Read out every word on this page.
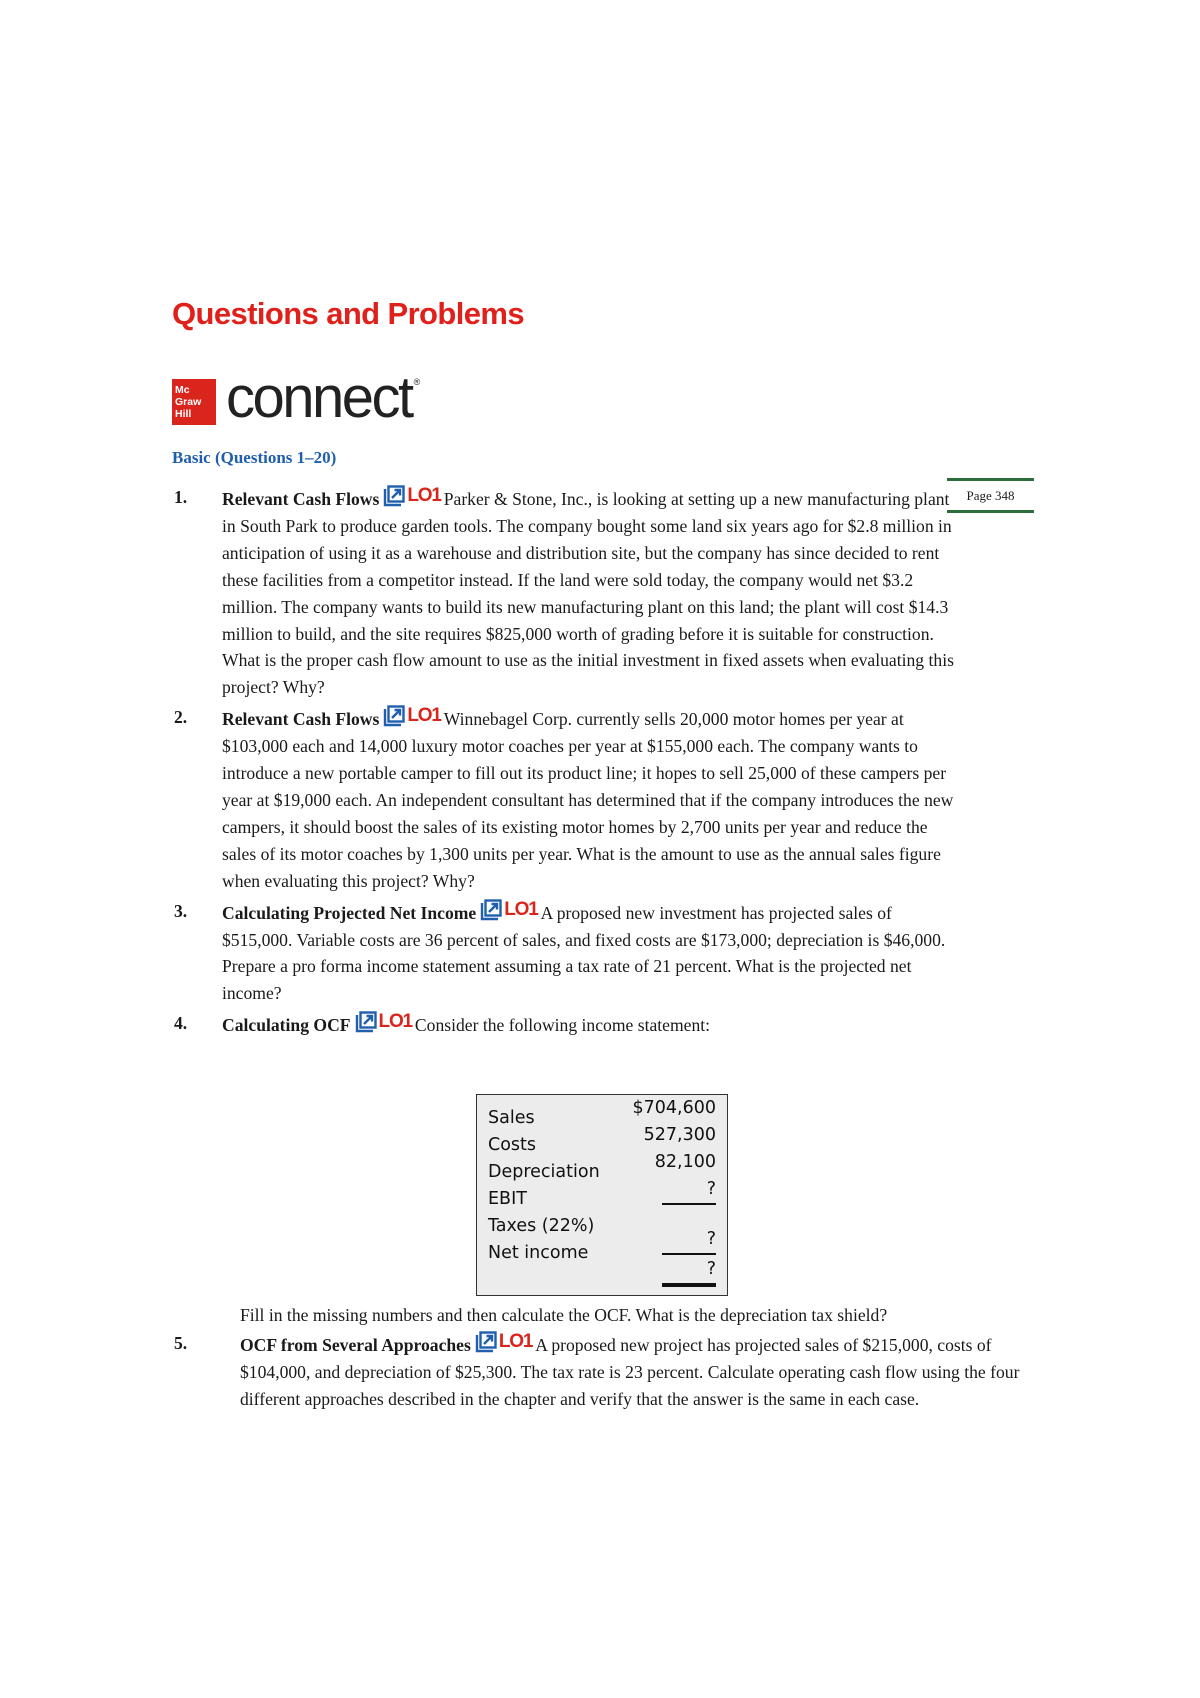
Questions and Problems
Mc
Graw
Hill connect ®
Basic (Questions 1–20)
Page 348
1. Relevant Cash Flows LO1 Parker & Stone, Inc., is looking at setting up a new manufacturing plant in South Park to produce garden tools. The company bought some land six years ago for $2.8 million in anticipation of using it as a warehouse and distribution site, but the company has since decided to rent these facilities from a competitor instead. If the land were sold today, the company would net $3.2 million. The company wants to build its new manufacturing plant on this land; the plant will cost $14.3 million to build, and the site requires $825,000 worth of grading before it is suitable for construction. What is the proper cash flow amount to use as the initial investment in fixed assets when evaluating this project? Why?
2. Relevant Cash Flows LO1 Winnebagel Corp. currently sells 20,000 motor homes per year at $103,000 each and 14,000 luxury motor coaches per year at $155,000 each. The company wants to introduce a new portable camper to fill out its product line; it hopes to sell 25,000 of these campers per year at $19,000 each. An independent consultant has determined that if the company introduces the new campers, it should boost the sales of its existing motor homes by 2,700 units per year and reduce the sales of its motor coaches by 1,300 units per year. What is the amount to use as the annual sales figure when evaluating this project? Why?
3. Calculating Projected Net Income LO1 A proposed new investment has projected sales of $515,000. Variable costs are 36 percent of sales, and fixed costs are $173,000; depreciation is $46,000. Prepare a pro forma income statement assuming a tax rate of 21 percent. What is the projected net income?
4. Calculating OCF LO1 Consider the following income statement:
Sales
Costs
Depreciation
EBIT
Taxes (22%)
Net income
$704,600
527,300
82,100
?
?
?

Fill in the missing numbers and then calculate the OCF. What is the depreciation tax shield?

5.	OCF from Several Approaches LO1 A proposed new project has projected sales of $215,000, costs of $104,000, and depreciation of $25,300. The tax rate is 23 percent. Calculate operating cash flow using the four different approaches described in the chapter and verify that the answer is the same in each case.
